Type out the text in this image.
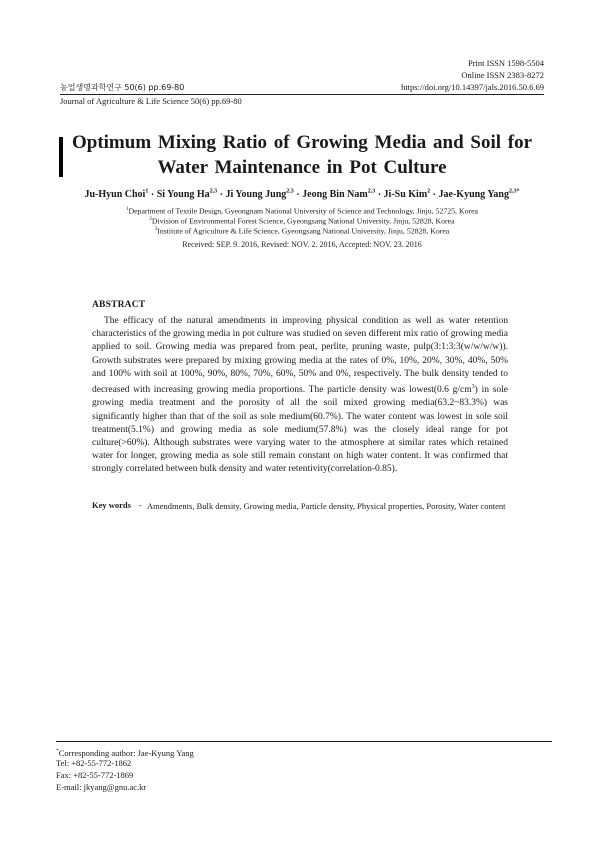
Print ISSN 1598-5504
Online ISSN 2383-8272
농업생명과학연구 50(6) pp.69-80	https://doi.org/10.14397/jals.2016.50.6.69
Journal of Agriculture & Life Science 50(6) pp.69-80
Optimum Mixing Ratio of Growing Media and Soil for
Water Maintenance in Pot Culture
Ju-Hyun Choi$^1$ · Si Young Ha$^{2,3}$ · Ji Young Jung$^{2,3}$ · Jeong Bin Nam$^{2,3}$ · Ji-Su Kim$^2$ · Jae-Kyung Yang$^{2,3*}$
$^1$Department of Textile Design, Gyeongnam National University of Science and Technology, Jinju, 52725, Korea
$^2$Division of Environmental Forest Science, Gyeongsang National University, Jinju, 52828, Korea
$^3$Institute of Agriculture & Life Science, Gyeongsang National University, Jinju, 52828, Korea
Received: SEP. 9. 2016, Revised: NOV. 2. 2016, Accepted: NOV. 23. 2016
ABSTRACT
The efficacy of the natural amendments in improving physical condition as well as water retention characteristics of the growing media in pot culture was studied on seven different mix ratio of growing media applied to soil. Growing media was prepared from peat, perlite, pruning waste, pulp(3:1:3:3(w/w/w/w)). Growth substrates were prepared by mixing growing media at the rates of 0%, 10%, 20%, 30%, 40%, 50% and 100% with soil at 100%, 90%, 80%, 70%, 60%, 50% and 0%, respectively. The bulk density tended to decreased with increasing growing media proportions. The particle density was lowest(0.6 $g/cm^3$) in sole growing media treatment and the porosity of all the soil mixed growing media(63.2~83.3%) was significantly higher than that of the soil as sole medium(60.7%). The water content was lowest in sole soil treatment(5.1%) and growing media as sole medium(57.8%) was the closely ideal range for pot culture(>60%). Although substrates were varying water to the atmosphere at similar rates which retained water for longer, growing media as sole still remain constant on high water content. It was confirmed that strongly correlated between bulk density and water retentivity(correlation-0.85).
Key words - Amendments, Bulk density, Growing media, Particle density, Physical properties, Porosity, Water content
*Corresponding author: Jae-Kyung Yang
Tel: +82-55-772-1862
Fax: +82-55-772-1869
E-mail: jkyang@gnu.ac.kr
